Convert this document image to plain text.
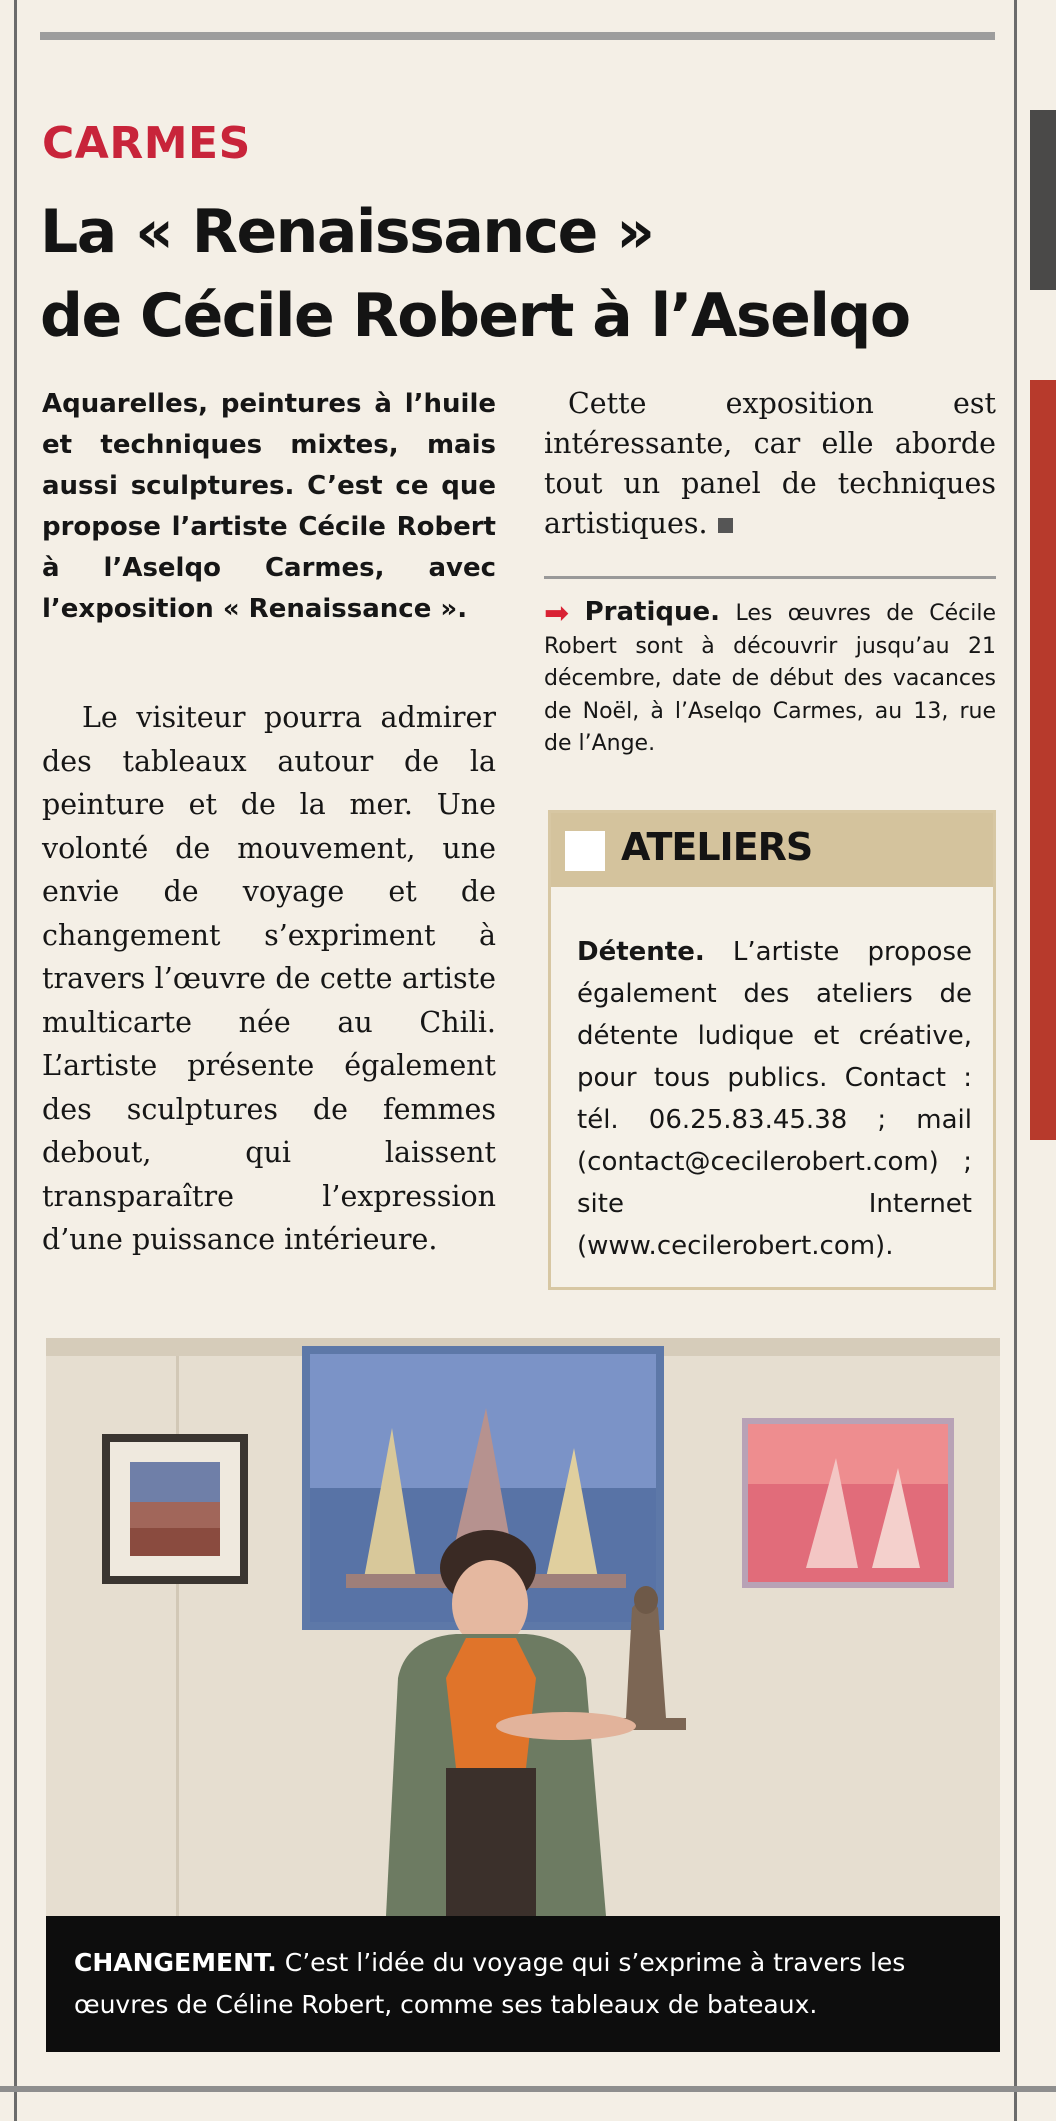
CARMES
La « Renaissance »
de Cécile Robert à l’Aselqo
Aquarelles, peintures à l’huile et techniques mixtes, mais aussi sculptures. C’est ce que propose l’artiste Cécile Robert à l’Aselqo Carmes, avec l’exposition « Renaissance ».
Le visiteur pourra admirer des tableaux autour de la peinture et de la mer. Une volonté de mouvement, une envie de voyage et de changement s’expriment à travers l’œuvre de cette artiste multicarte née au Chili. L’artiste présente également des sculptures de femmes debout, qui laissent transparaître l’expression d’une puissance intérieure.
Cette exposition est intéressante, car elle aborde tout un panel de techniques artistiques.
➡ Pratique. Les œuvres de Cécile Robert sont à découvrir jusqu’au 21 décembre, date de début des vacances de Noël, à l’Aselqo Carmes, au 13, rue de l’Ange.
ATELIERS
Détente. L’artiste propose également des ateliers de détente ludique et créative, pour tous publics. Contact : tél. 06.25.83.45.38 ; mail (contact@cecilerobert.com) ; site Internet (www.cecilerobert.com).
CHANGEMENT. C’est l’idée du voyage qui s’exprime à travers les œuvres de Céline Robert, comme ses tableaux de bateaux.
